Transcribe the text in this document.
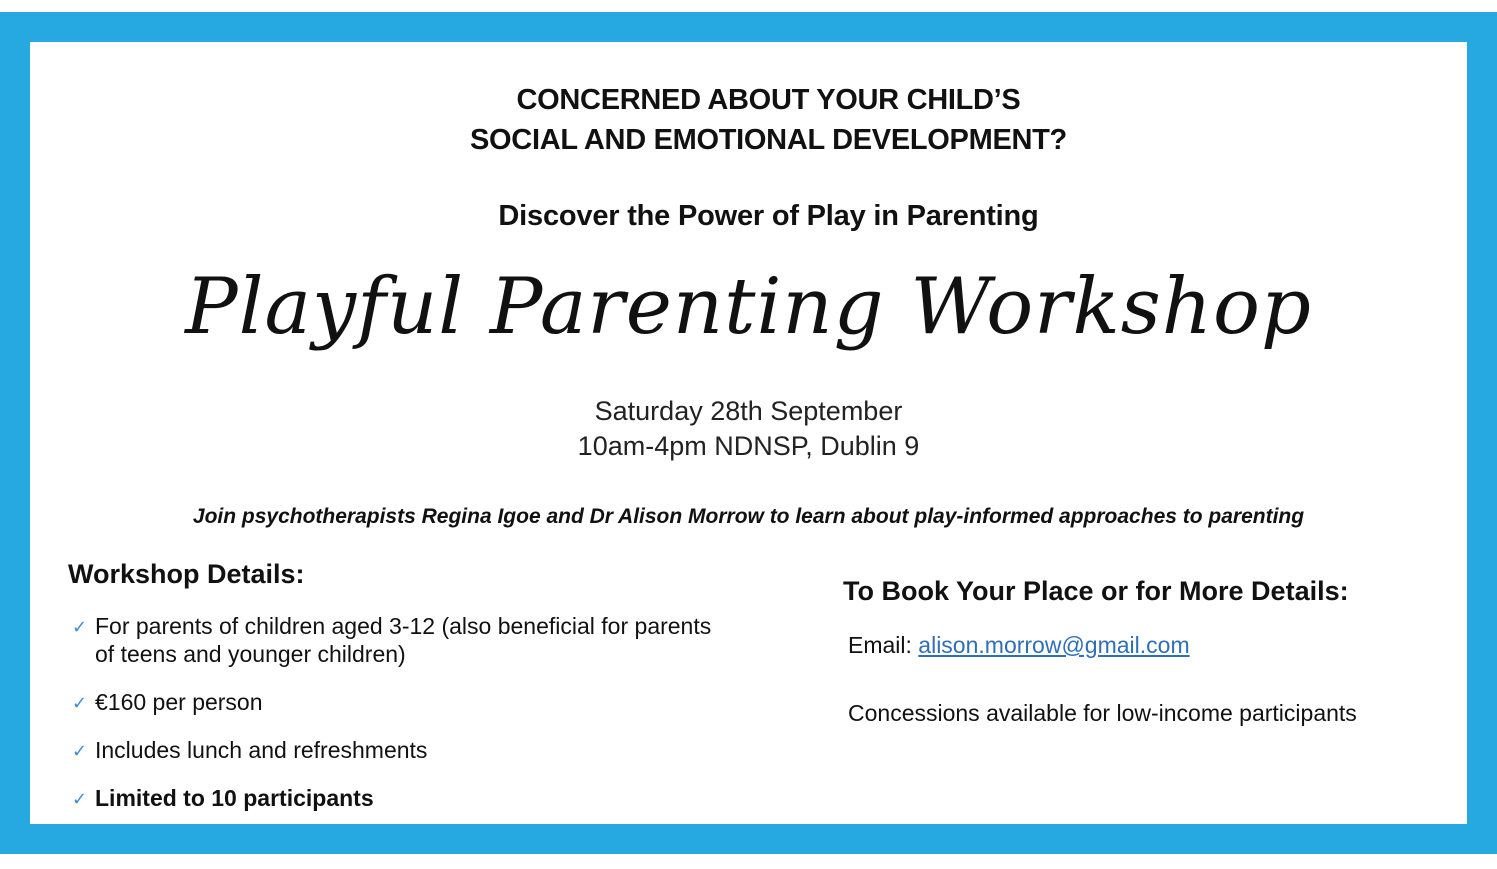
CONCERNED ABOUT YOUR CHILD’S
SOCIAL AND EMOTIONAL DEVELOPMENT?
Discover the Power of Play in Parenting
Playful Parenting Workshop
Saturday 28th September
10am-4pm NDNSP, Dublin 9
Join psychotherapists Regina Igoe and Dr Alison Morrow to learn about play-informed approaches to parenting
Workshop Details:
✓ For parents of children aged 3-12 (also beneficial for parents of teens and younger children)
✓ €160 per person
✓ Includes lunch and refreshments
✓ Limited to 10 participants
To Book Your Place or for More Details:
Email: alison.morrow@gmail.com
Concessions available for low-income participants
